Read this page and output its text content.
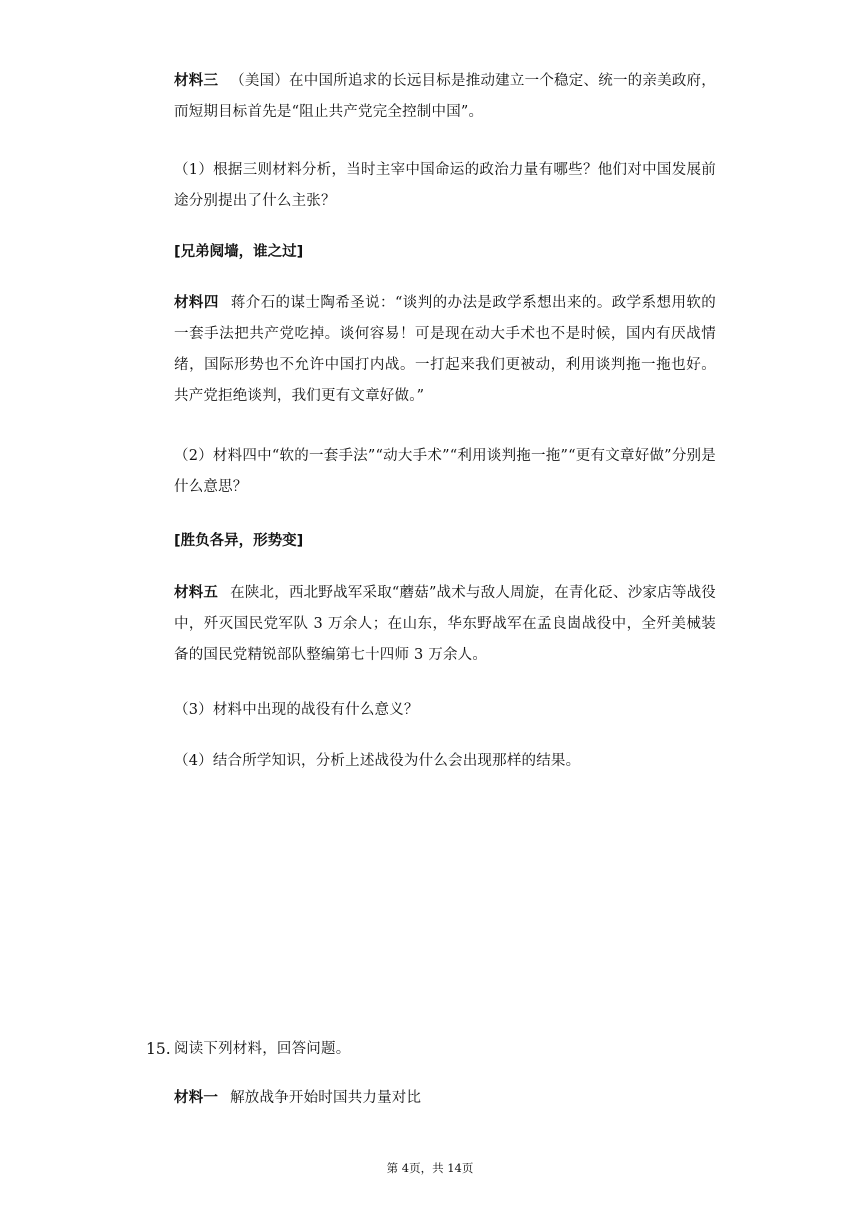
材料三 （美国）在中国所追求的长远目标是推动建立一个稳定、统一的亲美政府，而短期目标首先是“阻止共产党完全控制中国”。

（1）根据三则材料分析，当时主宰中国命运的政治力量有哪些？他们对中国发展前途分别提出了什么主张？

[兄弟阋墙，谁之过]

材料四 蒋介石的谋士陶希圣说：“谈判的办法是政学系想出来的。政学系想用软的一套手法把共产党吃掉。谈何容易！可是现在动大手术也不是时候，国内有厌战情绪，国际形势也不允许中国打内战。一打起来我们更被动，利用谈判拖一拖也好。共产党拒绝谈判，我们更有文章好做。”

（2）材料四中“软的一套手法”“动大手术”“利用谈判拖一拖”“更有文章好做”分别是什么意思？

[胜负各异，形势变]

材料五 在陕北，西北野战军采取“蘑菇”战术与敌人周旋，在青化砭、沙家店等战役中，歼灭国民党军队 3 万余人；在山东，华东野战军在孟良崮战役中，全歼美械装备的国民党精锐部队整编第七十四师 3 万余人。

（3）材料中出现的战役有什么意义？

（4）结合所学知识，分析上述战役为什么会出现那样的结果。

15. 阅读下列材料，回答问题。

材料一 解放战争开始时国共力量对比

第 4页，共 14页
